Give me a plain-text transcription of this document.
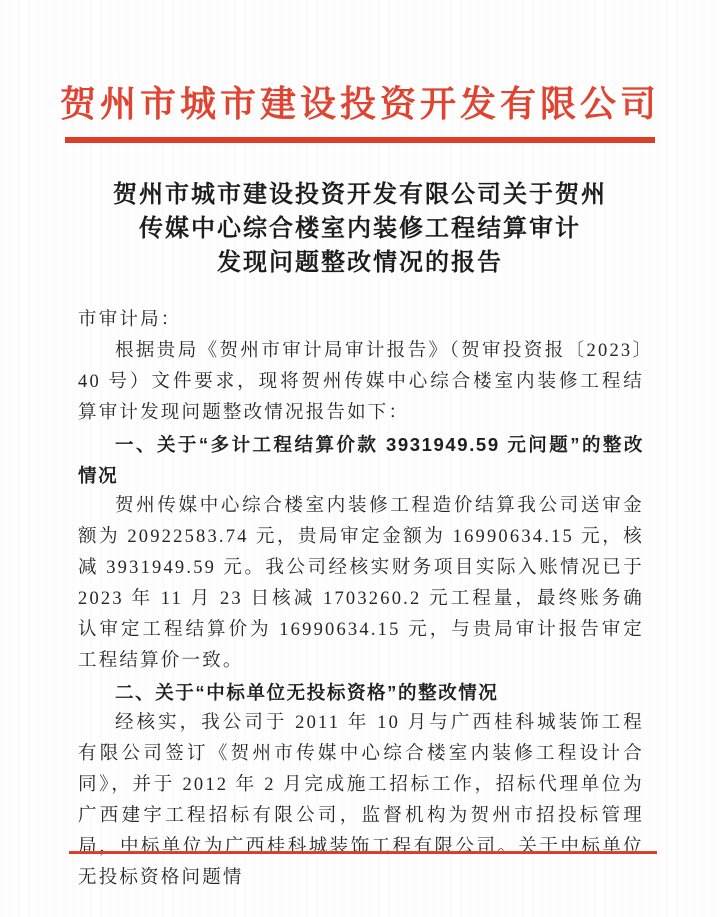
贺州市城市建设投资开发有限公司
贺州市城市建设投资开发有限公司关于贺州
传媒中心综合楼室内装修工程结算审计
发现问题整改情况的报告

市审计局：

根据贵局《贺州市审计局审计报告》（贺审投资报〔2023〕40 号）文件要求，现将贺州传媒中心综合楼室内装修工程结算审计发现问题整改情况报告如下：

一、关于“多计工程结算价款 3931949.59 元问题”的整改情况

贺州传媒中心综合楼室内装修工程造价结算我公司送审金额为 20922583.74 元，贵局审定金额为 16990634.15 元，核减 3931949.59 元。我公司经核实财务项目实际入账情况已于 2023 年 11 月 23 日核减 1703260.2 元工程量，最终账务确认审定工程结算价为 16990634.15 元，与贵局审计报告审定工程结算价一致。

二、关于“中标单位无投标资格”的整改情况

经核实，我公司于 2011 年 10 月与广西桂科城装饰工程有限公司签订《贺州市传媒中心综合楼室内装修工程设计合同》，并于 2012 年 2 月完成施工招标工作，招标代理单位为广西建宇工程招标有限公司，监督机构为贺州市招投标管理局，中标单位为广西桂科城装饰工程有限公司。关于中标单位无投标资格问题情
